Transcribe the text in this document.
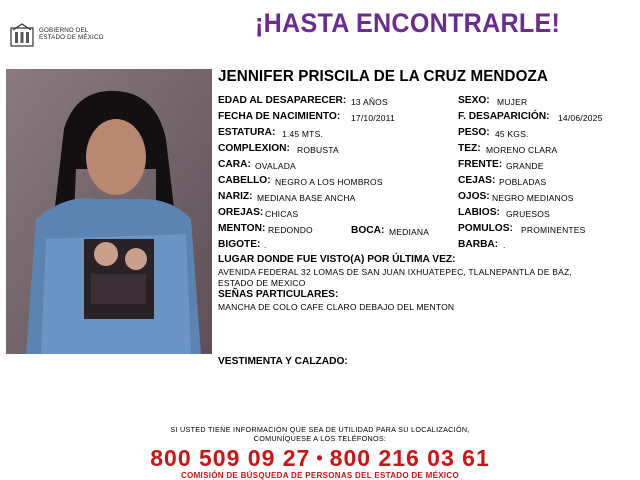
GOBIERNO DEL
ESTADO DE MÉXICO	¡HASTA ENCONTRARLE!
JENNIFER PRISCILA DE LA CRUZ MENDOZA
EDAD AL DESAPARECER: 13 AÑOS	SEXO: MUJER
FECHA DE NACIMIENTO: 17/10/2011	F. DESAPARICIÓN: 14/06/2025
ESTATURA: 1.45 MTS.	PESO: 45 KGS.
COMPLEXION: ROBUSTA	TEZ: MORENO CLARA
CARA: OVALADA	FRENTE: GRANDE
CABELLO: NEGRO A LOS HOMBROS	CEJAS: POBLADAS
NARIZ: MEDIANA BASE ANCHA	OJOS: NEGRO MEDIANOS
OREJAS: CHICAS	LABIOS: GRUESOS
MENTON: REDONDO	BOCA: MEDIANA	POMULOS: PROMINENTES
BIGOTE: .	BARBA: .
LUGAR DONDE FUE VISTO(A) POR ÚLTIMA VEZ:
AVENIDA FEDERAL 32 LOMAS DE SAN JUAN IXHUATEPEC, TLALNEPANTLA DE BAZ,
ESTADO DE MEXICO
SEÑAS PARTICULARES:
MANCHA DE COLO CAFE CLARO DEBAJO DEL MENTON
VESTIMENTA Y CALZADO:
SI USTED TIENE INFORMACIÓN QUE SEA DE UTILIDAD PARA SU LOCALIZACIÓN,
COMUNÍQUESE A LOS TELÉFONOS:
800 509 09 27 • 800 216 03 61
COMISIÓN DE BÚSQUEDA DE PERSONAS DEL ESTADO DE MÉXICO
